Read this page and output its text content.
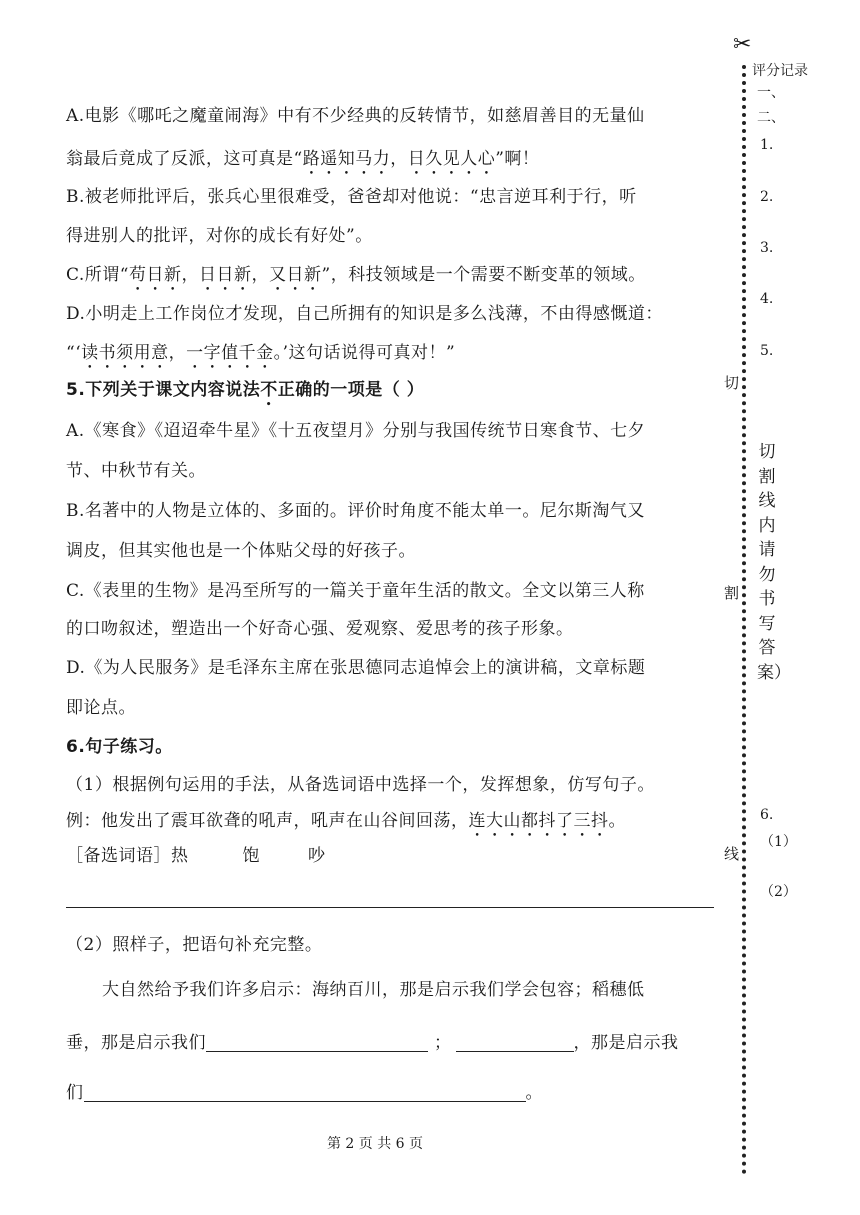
A.电影《哪吒之魔童闹海》中有不少经典的反转情节，如慈眉善目的无量仙
翁最后竟成了反派，这可真是“路遥知马力，日久见人心”啊！
B.被老师批评后，张兵心里很难受，爸爸却对他说：“忠言逆耳利于行，听
得进别人的批评，对你的成长有好处”。
C.所谓“苟日新，日日新，又日新”，科技领域是一个需要不断变革的领域。
D.小明走上工作岗位才发现，自己所拥有的知识是多么浅薄，不由得感慨道：
“‘读书须用意，一字值千金。’这句话说得可真对！”
5.下列关于课文内容说法不正确的一项是（ ）
A.《寒食》《迢迢牵牛星》《十五夜望月》分别与我国传统节日寒食节、七夕
节、中秋节有关。
B.名著中的人物是立体的、多面的。评价时角度不能太单一。尼尔斯淘气又
调皮，但其实他也是一个体贴父母的好孩子。
C.《表里的生物》是冯至所写的一篇关于童年生活的散文。全文以第三人称
的口吻叙述，塑造出一个好奇心强、爱观察、爱思考的孩子形象。
D.《为人民服务》是毛泽东主席在张思德同志追悼会上的演讲稿，文章标题
即论点。
6.句子练习。
（1）根据例句运用的手法，从备选词语中选择一个，发挥想象，仿写句子。
例：他发出了震耳欲聋的吼声，吼声在山谷间回荡，连大山都抖了三抖。
［备选词语］热	饱	吵
（2）照样子，把语句补充完整。
大自然给予我们许多启示：海纳百川，那是启示我们学会包容；稻穗低
垂，那是启示我们	；	，那是启示我
们	。
第 2 页 共 6 页
✂
切
割
线
评分记录
一、
二、
1.
2.
3.
4.
5.
切割线内请勿书写答案）
6.
（1）
（2）
